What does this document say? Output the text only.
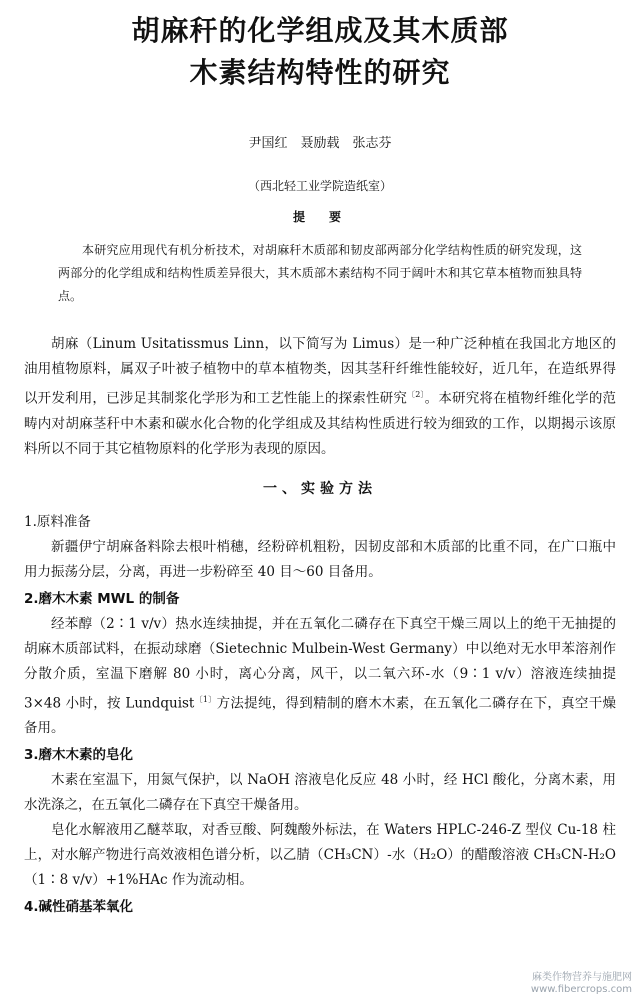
胡麻秆的化学组成及其木质部
木素结构特性的研究
尹国红　聂励载　张志芬
（西北轻工业学院造纸室）
提　要

本研究应用现代有机分析技术，对胡麻秆木质部和韧皮部两部分化学结构性质的研究发现，这两部分的化学组成和结构性质差异很大，其木质部木素结构不同于阔叶木和其它草本植物而独具特点。

胡麻（Linum Usitatissmus Linn，以下简写为 Limus）是一种广泛种植在我国北方地区的油用植物原料，属双子叶被子植物中的草本植物类，因其茎秆纤维性能较好，近几年，在造纸界得以开发利用，已涉足其制浆化学形为和工艺性能上的探索性研究$^{〔2〕}$。本研究将在植物纤维化学的范畴内对胡麻茎秆中木素和碳水化合物的化学组成及其结构性质进行较为细致的工作，以期揭示该原料所以不同于其它植物原料的化学形为表现的原因。

一、实验方法

1.原料准备

新疆伊宁胡麻备料除去根叶梢穗，经粉碎机粗粉，因韧皮部和木质部的比重不同，在广口瓶中用力振荡分层，分离，再进一步粉碎至 40 目～60 目备用。

2.磨木木素 MWL 的制备

经苯醇（2∶1 v/v）热水连续抽提，并在五氧化二磷存在下真空干燥三周以上的绝干无抽提的胡麻木质部试料，在振动球磨（Sietechnic Mulbein-West Germany）中以绝对无水甲苯溶剂作分散介质，室温下磨解 80 小时，离心分离，风干，以二氧六环-水（9∶1 v/v）溶液连续抽提 3×48 小时，按 Lundquist$^{〔1〕}$方法提纯，得到精制的磨木木素，在五氧化二磷存在下，真空干燥备用。

3.磨木木素的皂化

木素在室温下，用氮气保护，以 NaOH 溶液皂化反应 48 小时，经 HCl 酸化，分离木素，用水洗涤之，在五氧化二磷存在下真空干燥备用。

皂化水解液用乙醚萃取，对香豆酸、阿魏酸外标法，在 Waters HPLC-246-Z 型仪 Cu-18 柱上，对水解产物进行高效液相色谱分析，以乙腈（CH₃CN）-水（H₂O）的醋酸溶液 CH₃CN-H₂O（1∶8 v/v）+1%HAc 作为流动相。

4.碱性硝基苯氧化

麻类作物营养与施肥网
www.fibercrops.com
